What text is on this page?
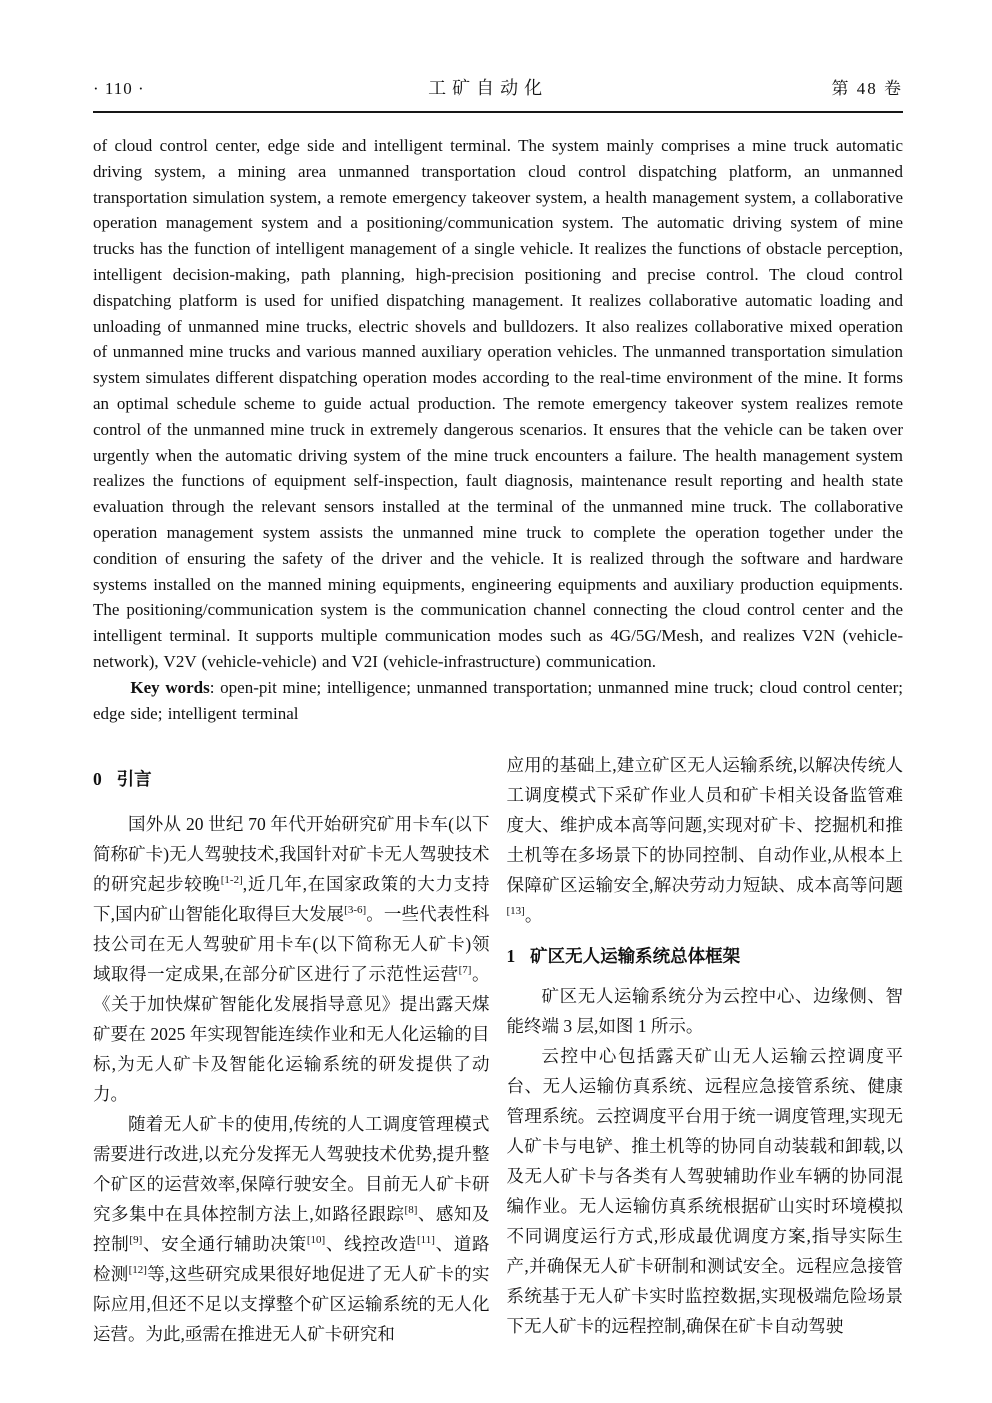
· 110 ·	工矿自动化	第 48 卷

of cloud control center, edge side and intelligent terminal. The system mainly comprises a mine truck automatic driving system, a mining area unmanned transportation cloud control dispatching platform, an unmanned transportation simulation system, a remote emergency takeover system, a health management system, a collaborative operation management system and a positioning/communication system. The automatic driving system of mine trucks has the function of intelligent management of a single vehicle. It realizes the functions of obstacle perception, intelligent decision-making, path planning, high-precision positioning and precise control. The cloud control dispatching platform is used for unified dispatching management. It realizes collaborative automatic loading and unloading of unmanned mine trucks, electric shovels and bulldozers. It also realizes collaborative mixed operation of unmanned mine trucks and various manned auxiliary operation vehicles. The unmanned transportation simulation system simulates different dispatching operation modes according to the real-time environment of the mine. It forms an optimal schedule scheme to guide actual production. The remote emergency takeover system realizes remote control of the unmanned mine truck in extremely dangerous scenarios. It ensures that the vehicle can be taken over urgently when the automatic driving system of the mine truck encounters a failure. The health management system realizes the functions of equipment self-inspection, fault diagnosis, maintenance result reporting and health state evaluation through the relevant sensors installed at the terminal of the unmanned mine truck. The collaborative operation management system assists the unmanned mine truck to complete the operation together under the condition of ensuring the safety of the driver and the vehicle. It is realized through the software and hardware systems installed on the manned mining equipments, engineering equipments and auxiliary production equipments. The positioning/communication system is the communication channel connecting the cloud control center and the intelligent terminal. It supports multiple communication modes such as 4G/5G/Mesh, and realizes V2N (vehicle-network), V2V (vehicle-vehicle) and V2I (vehicle-infrastructure) communication.

Key words: open-pit mine; intelligence; unmanned transportation; unmanned mine truck; cloud control center; edge side; intelligent terminal

0 引言

国外从 20 世纪 70 年代开始研究矿用卡车(以下简称矿卡)无人驾驶技术,我国针对矿卡无人驾驶技术的研究起步较晚[1-2],近几年,在国家政策的大力支持下,国内矿山智能化取得巨大发展[3-6]。一些代表性科技公司在无人驾驶矿用卡车(以下简称无人矿卡)领域取得一定成果,在部分矿区进行了示范性运营[7]。《关于加快煤矿智能化发展指导意见》提出露天煤矿要在 2025 年实现智能连续作业和无人化运输的目标,为无人矿卡及智能化运输系统的研发提供了动力。

随着无人矿卡的使用,传统的人工调度管理模式需要进行改进,以充分发挥无人驾驶技术优势,提升整个矿区的运营效率,保障行驶安全。目前无人矿卡研究多集中在具体控制方法上,如路径跟踪[8]、感知及控制[9]、安全通行辅助决策[10]、线控改造[11]、道路检测[12]等,这些研究成果很好地促进了无人矿卡的实际应用,但还不足以支撑整个矿区运输系统的无人化运营。为此,亟需在推进无人矿卡研究和

应用的基础上,建立矿区无人运输系统,以解决传统人工调度模式下采矿作业人员和矿卡相关设备监管难度大、维护成本高等问题,实现对矿卡、挖掘机和推土机等在多场景下的协同控制、自动作业,从根本上保障矿区运输安全,解决劳动力短缺、成本高等问题[13]。

1 矿区无人运输系统总体框架

矿区无人运输系统分为云控中心、边缘侧、智能终端 3 层,如图 1 所示。

云控中心包括露天矿山无人运输云控调度平台、无人运输仿真系统、远程应急接管系统、健康管理系统。云控调度平台用于统一调度管理,实现无人矿卡与电铲、推土机等的协同自动装载和卸载,以及无人矿卡与各类有人驾驶辅助作业车辆的协同混编作业。无人运输仿真系统根据矿山实时环境模拟不同调度运行方式,形成最优调度方案,指导实际生产,并确保无人矿卡研制和测试安全。远程应急接管系统基于无人矿卡实时监控数据,实现极端危险场景下无人矿卡的远程控制,确保在矿卡自动驾驶
